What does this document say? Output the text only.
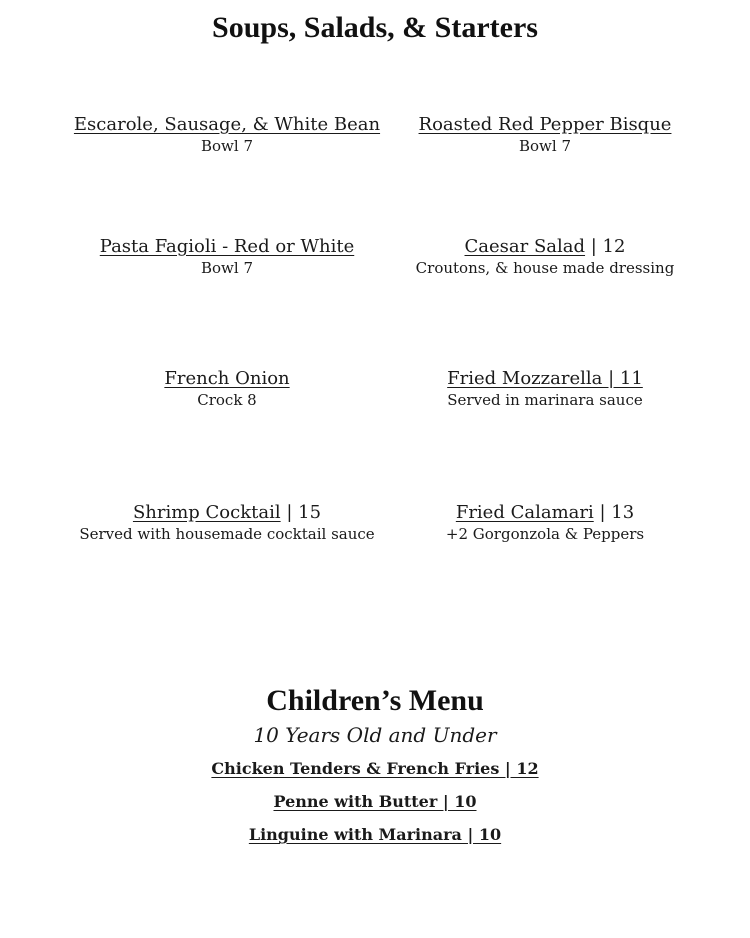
Soups, Salads, & Starters
Escarole, Sausage, & White Bean
Bowl 7
Roasted Red Pepper Bisque
Bowl 7
Pasta Fagioli - Red or White
Bowl 7
Caesar Salad | 12
Croutons, & house made dressing
French Onion
Crock 8
Fried Mozzarella | 11
Served in marinara sauce
Shrimp Cocktail | 15
Served with housemade cocktail sauce
Fried Calamari | 13
+2 Gorgonzola & Peppers
Children’s Menu
10 Years Old and Under
Chicken Tenders & French Fries | 12
Penne with Butter | 10
Linguine with Marinara | 10
